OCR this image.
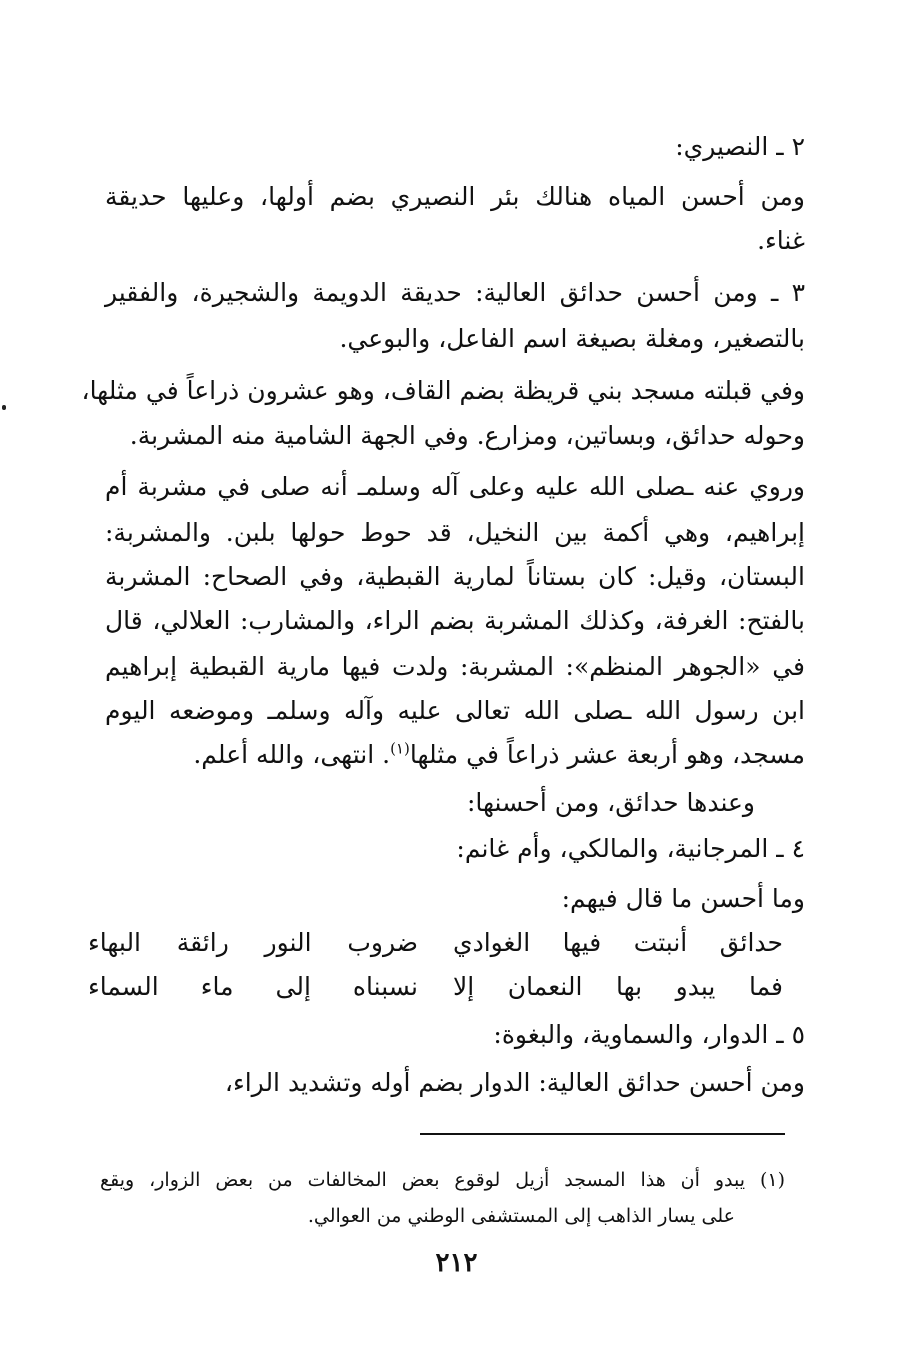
٢ ـ النصيري:
ومن أحسن المياه هنالك بئر النصيري بضم أولها، وعليها حديقة
غناء.
٣ ـ ومن أحسن حدائق العالية: حديقة الدويمة والشجيرة، والفقير
بالتصغير، ومغلة بصيغة اسم الفاعل، والبوعي.
وفي قبلته مسجد بني قريظة بضم القاف، وهو عشرون ذراعاً في مثلها،
وحوله حدائق، وبساتين، ومزارع. وفي الجهة الشامية منه المشربة.
وروي عنه ـصلى الله عليه وعلى آله وسلمـ أنه صلى في مشربة أم
إبراهيم، وهي أكمة بين النخيل، قد حوط حولها بلبن. والمشربة:
البستان، وقيل: كان بستاناً لمارية القبطية، وفي الصحاح: المشربة
بالفتح: الغرفة، وكذلك المشربة بضم الراء، والمشارب: العلالي، قال
في «الجوهر المنظم»: المشربة: ولدت فيها مارية القبطية إبراهيم
ابن رسول الله ـصلى الله تعالى عليه وآله وسلمـ وموضعه اليوم
مسجد، وهو أربعة عشر ذراعاً في مثلها$^{(١)}$. انتهى، والله أعلم.
وعندها حدائق، ومن أحسنها:
٤ ـ المرجانية، والمالكي، وأم غانم:
وما أحسن ما قال فيهم:
حدائق أنبتت فيها الغوادي
ضروب النور رائقة البهاء
فما يبدو بها النعمان إلا
نسبناه إلى ماء السماء
٥ ـ الدوار، والسماوية، والبغوة:
ومن أحسن حدائق العالية: الدوار بضم أوله وتشديد الراء،
(١) يبدو أن هذا المسجد أزيل لوقوع بعض المخالفات من بعض الزوار، ويقع
على يسار الذاهب إلى المستشفى الوطني من العوالي.
٢١٢
